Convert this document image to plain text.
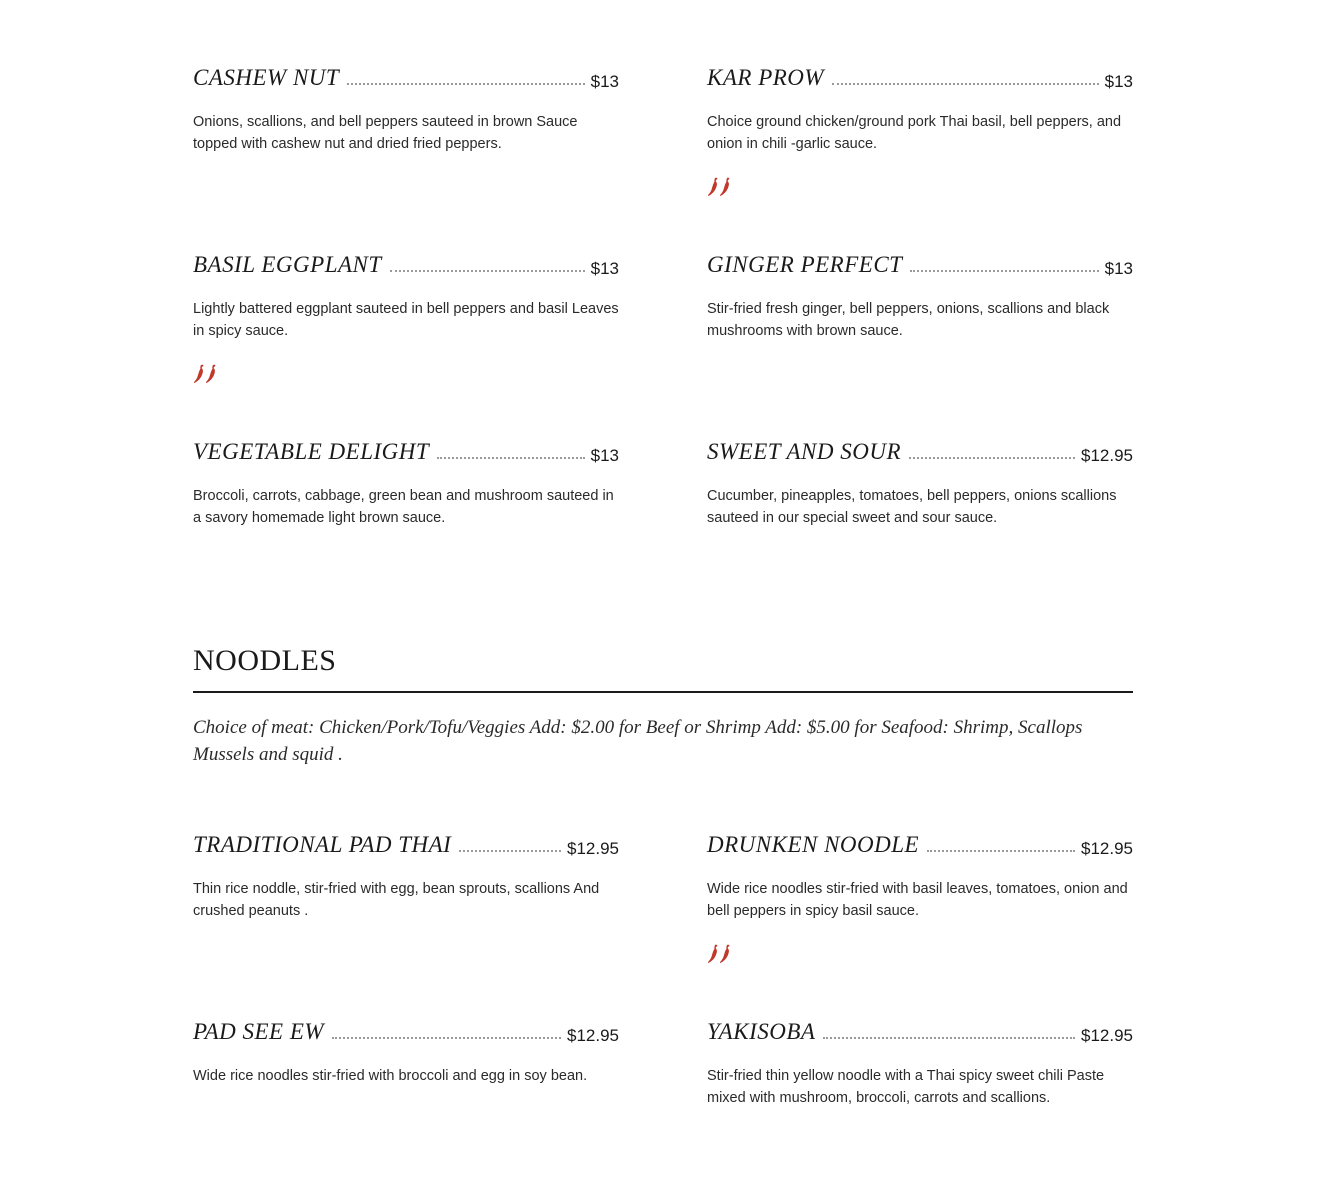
CASHEW NUT	$13
Onions, scallions, and bell peppers sauteed in brown Sauce topped with cashew nut and dried fried peppers.
KAR PROW	$13
Choice ground chicken/ground pork Thai basil, bell peppers, and onion in chili -garlic sauce.
BASIL EGGPLANT	$13
Lightly battered eggplant sauteed in bell peppers and basil Leaves in spicy sauce.
GINGER PERFECT	$13
Stir-fried fresh ginger, bell peppers, onions, scallions and black mushrooms with brown sauce.
VEGETABLE DELIGHT	$13
Broccoli, carrots, cabbage, green bean and mushroom sauteed in a savory homemade light brown sauce.
SWEET AND SOUR	$12.95
Cucumber, pineapples, tomatoes, bell peppers, onions scallions sauteed in our special sweet and sour sauce.
NOODLES
Choice of meat: Chicken/Pork/Tofu/Veggies Add: $2.00 for Beef or Shrimp Add: $5.00 for Seafood: Shrimp, Scallops Mussels and squid .
TRADITIONAL PAD THAI	$12.95
Thin rice noddle, stir-fried with egg, bean sprouts, scallions And crushed peanuts .
DRUNKEN NOODLE	$12.95
Wide rice noodles stir-fried with basil leaves, tomatoes, onion and bell peppers in spicy basil sauce.
PAD SEE EW	$12.95
Wide rice noodles stir-fried with broccoli and egg in soy bean.
YAKISOBA	$12.95
Stir-fried thin yellow noodle with a Thai spicy sweet chili Paste mixed with mushroom, broccoli, carrots and scallions.
